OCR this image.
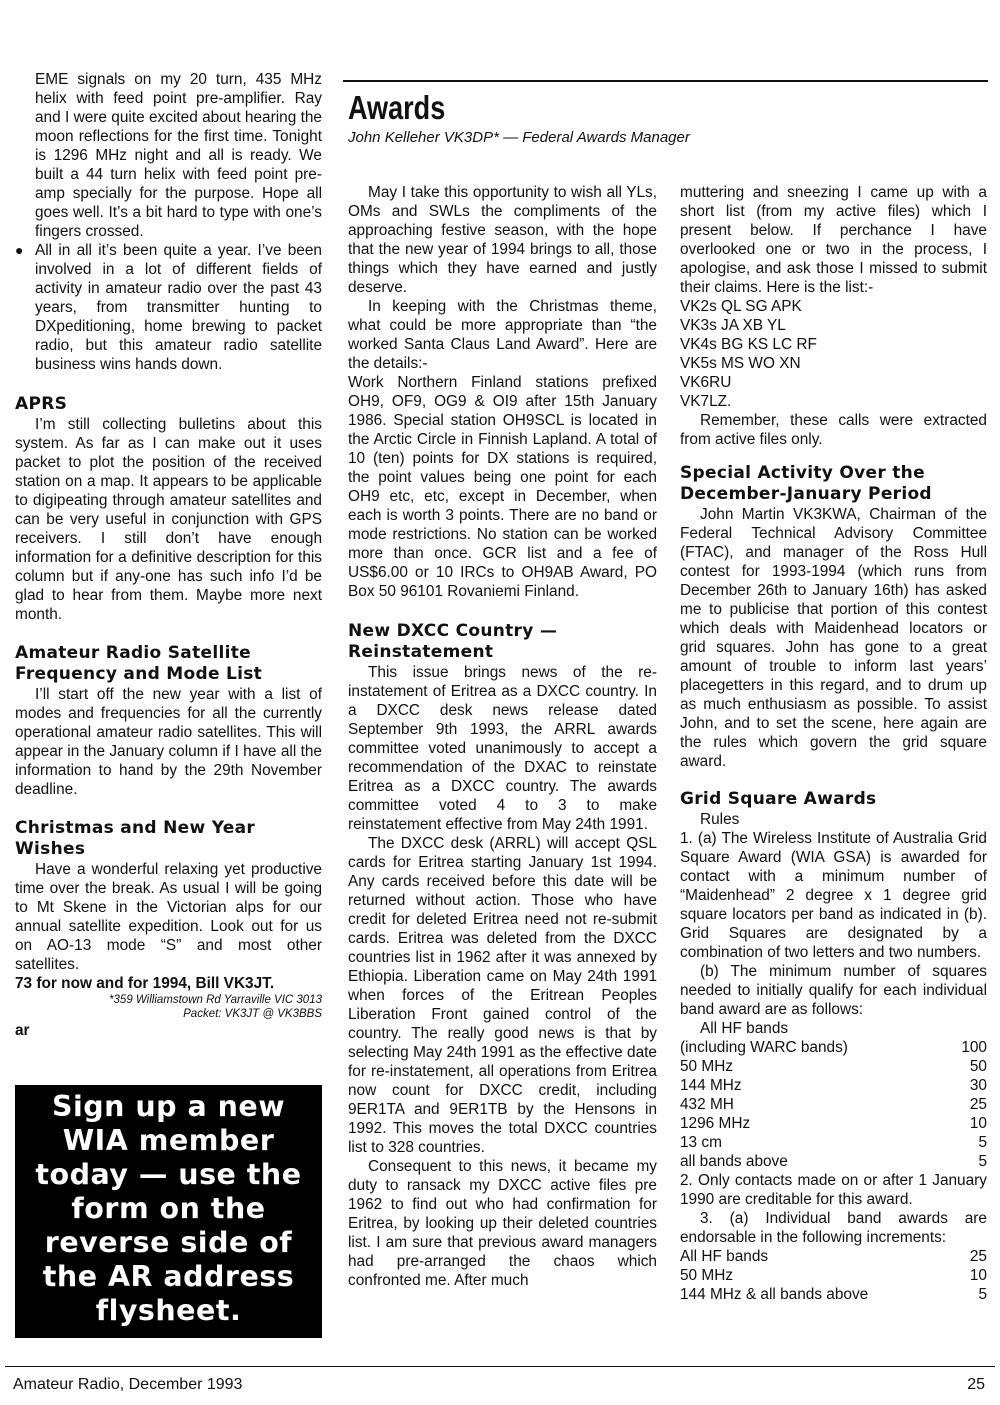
Awards
John Kelleher VK3DP* — Federal Awards Manager
EME signals on my 20 turn, 435 MHz helix with feed point pre-amplifier. Ray and I were quite excited about hearing the moon reflections for the first time. Tonight is 1296 MHz night and all is ready. We built a 44 turn helix with feed point pre-amp specially for the purpose. Hope all goes well. It’s a bit hard to type with one’s fingers crossed.
● All in all it’s been quite a year. I’ve been involved in a lot of different fields of activity in amateur radio over the past 43 years, from transmitter hunting to DXpeditioning, home brewing to packet radio, but this amateur radio satellite business wins hands down.
APRS

I’m still collecting bulletins about this system. As far as I can make out it uses packet to plot the position of the received station on a map. It appears to be applicable to digipeating through amateur satellites and can be very useful in conjunction with GPS receivers. I still don’t have enough information for a definitive description for this column but if any-one has such info I’d be glad to hear from them. Maybe more next month.

Amateur Radio Satellite
Frequency and Mode List

I’ll start off the new year with a list of modes and frequencies for all the currently operational amateur radio satellites. This will appear in the January column if I have all the information to hand by the 29th November deadline.

Christmas and New Year
Wishes

Have a wonderful relaxing yet productive time over the break. As usual I will be going to Mt Skene in the Victorian alps for our annual satellite expedition. Look out for us on AO-13 mode “S” and most other satellites.

73 for now and for 1994, Bill VK3JT.

*359 Williamstown Rd Yarraville VIC 3013
Packet: VK3JT @ VK3BBS

ar

Sign up a new
WIA member
today — use the
form on the
reverse side of
the AR address
flysheet.

May I take this opportunity to wish all YLs, OMs and SWLs the compliments of the approaching festive season, with the hope that the new year of 1994 brings to all, those things which they have earned and justly deserve.

In keeping with the Christmas theme, what could be more appropriate than “the worked Santa Claus Land Award”. Here are the details:-

Work Northern Finland stations prefixed OH9, OF9, OG9 & OI9 after 15th January 1986. Special station OH9SCL is located in the Arctic Circle in Finnish Lapland. A total of 10 (ten) points for DX stations is required, the point values being one point for each OH9 etc, etc, except in December, when each is worth 3 points. There are no band or mode restrictions. No station can be worked more than once. GCR list and a fee of US$6.00 or 10 IRCs to OH9AB Award, PO Box 50 96101 Rovaniemi Finland.

New DXCC Country —
Reinstatement

This issue brings news of the re-instatement of Eritrea as a DXCC country. In a DXCC desk news release dated September 9th 1993, the ARRL awards committee voted unanimously to accept a recommendation of the DXAC to reinstate Eritrea as a DXCC country. The awards committee voted 4 to 3 to make reinstatement effective from May 24th 1991.

The DXCC desk (ARRL) will accept QSL cards for Eritrea starting January 1st 1994. Any cards received before this date will be returned without action. Those who have credit for deleted Eritrea need not re-submit cards. Eritrea was deleted from the DXCC countries list in 1962 after it was annexed by Ethiopia. Liberation came on May 24th 1991 when forces of the Eritrean Peoples Liberation Front gained control of the country. The really good news is that by selecting May 24th 1991 as the effective date for re-instatement, all operations from Eritrea now count for DXCC credit, including 9ER1TA and 9ER1TB by the Hensons in 1992. This moves the total DXCC countries list to 328 countries.

Consequent to this news, it became my duty to ransack my DXCC active files pre 1962 to find out who had confirmation for Eritrea, by looking up their deleted countries list. I am sure that previous award managers had pre-arranged the chaos which confronted me. After much

muttering and sneezing I came up with a short list (from my active files) which I present below. If perchance I have overlooked one or two in the process, I apologise, and ask those I missed to submit their claims. Here is the list:-

VK2s QL SG APK

VK3s JA XB YL

VK4s BG KS LC RF

VK5s MS WO XN

VK6RU

VK7LZ.

Remember, these calls were extracted from active files only.

Special Activity Over the
December-January Period

John Martin VK3KWA, Chairman of the Federal Technical Advisory Committee (FTAC), and manager of the Ross Hull contest for 1993-1994 (which runs from December 26th to January 16th) has asked me to publicise that portion of this contest which deals with Maidenhead locators or grid squares. John has gone to a great amount of trouble to inform last years’ placegetters in this regard, and to drum up as much enthusiasm as possible. To assist John, and to set the scene, here again are the rules which govern the grid square award.

Grid Square Awards

Rules

1. (a) The Wireless Institute of Australia Grid Square Award (WIA GSA) is awarded for contact with a minimum number of “Maidenhead” 2 degree x 1 degree grid square locators per band as indicated in (b). Grid Squares are designated by a combination of two letters and two numbers.

(b) The minimum number of squares needed to initially qualify for each individual band award are as follows:

All HF bands

(including WARC bands)	100
50 MHz	50
144 MHz	30
432 MH	25
1296 MHz	10
13 cm	5
all bands above	5

2. Only contacts made on or after 1 January 1990 are creditable for this award.

3. (a) Individual band awards are endorsable in the following increments:

All HF bands	25
50 MHz	10
144 MHz & all bands above	5
Amateur Radio, December 1993	25
